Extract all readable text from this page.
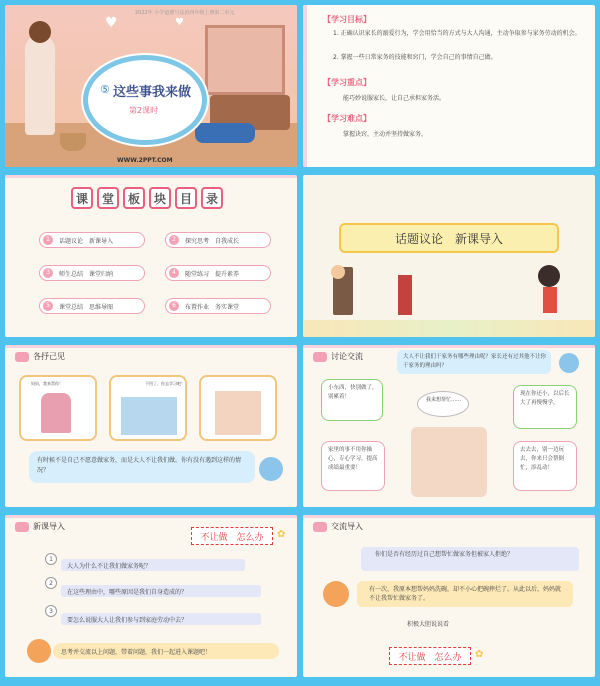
2022年 小学道德与法治四年级上册第二单元
♥	♥
⑤ 这些事我来做
第2课时
WWW.2PPT.COM
【学习目标】
1. 正确认识家长的溺爱行为，学会用恰当的方式与大人沟通，主动争取参与家务劳动的机会。
2. 掌握一些日常家务的技能和窍门，学会自己的事情自己做。
【学习重点】
能巧妙说服家长，让自己承担家务活。
【学习难点】
掌握诀窍，主动并坚持做家务。
课	堂	板	块	目	录
1	话题议论　新课导入	2	探究思考　自我成长
3	师生总结　课堂归纳	4	随堂练习　提升素养
5	课堂总结　思维导图	6	布置作业　务实课堂
话题议论　新课导入
各抒己见
妈妈，我来帮你！	不用了，你去学习吧！
有时候不是自己不愿意做家务，而是大人不让我们做。你有没有遇到这样的情况？
讨论交流	大人不让我们干家务有哪些理由呢？家长还有过其他不让你干家务的理由吗？
小东西，快别做了，别累着！	我来想帮忙……
现在你还小，以后长大了再慢慢学。
家里的事不用你操心，专心学习，提高成绩最重要！
去去去，别一边玩去，你来只会帮倒忙，添乱动！
新课导入
不让做　怎么办 ✿
1
大人为什么不让我们做家务呢？
2
在这些理由中，哪些原因是我们自身造成的？
3
要怎么说服大人让我们参与到家庭劳动中去？
思考并交流以上问题，带着问题，我们一起进入课题吧！
交流导入
你们是否有经历过自己想帮忙做家务但被家人拒绝？
有一次，我原本想帮妈妈洗碗，却不小心把碗摔烂了。从此以后，妈妈就不让我帮忙做家务了。
积极大胆说说看
不让做　怎么办 ✿
